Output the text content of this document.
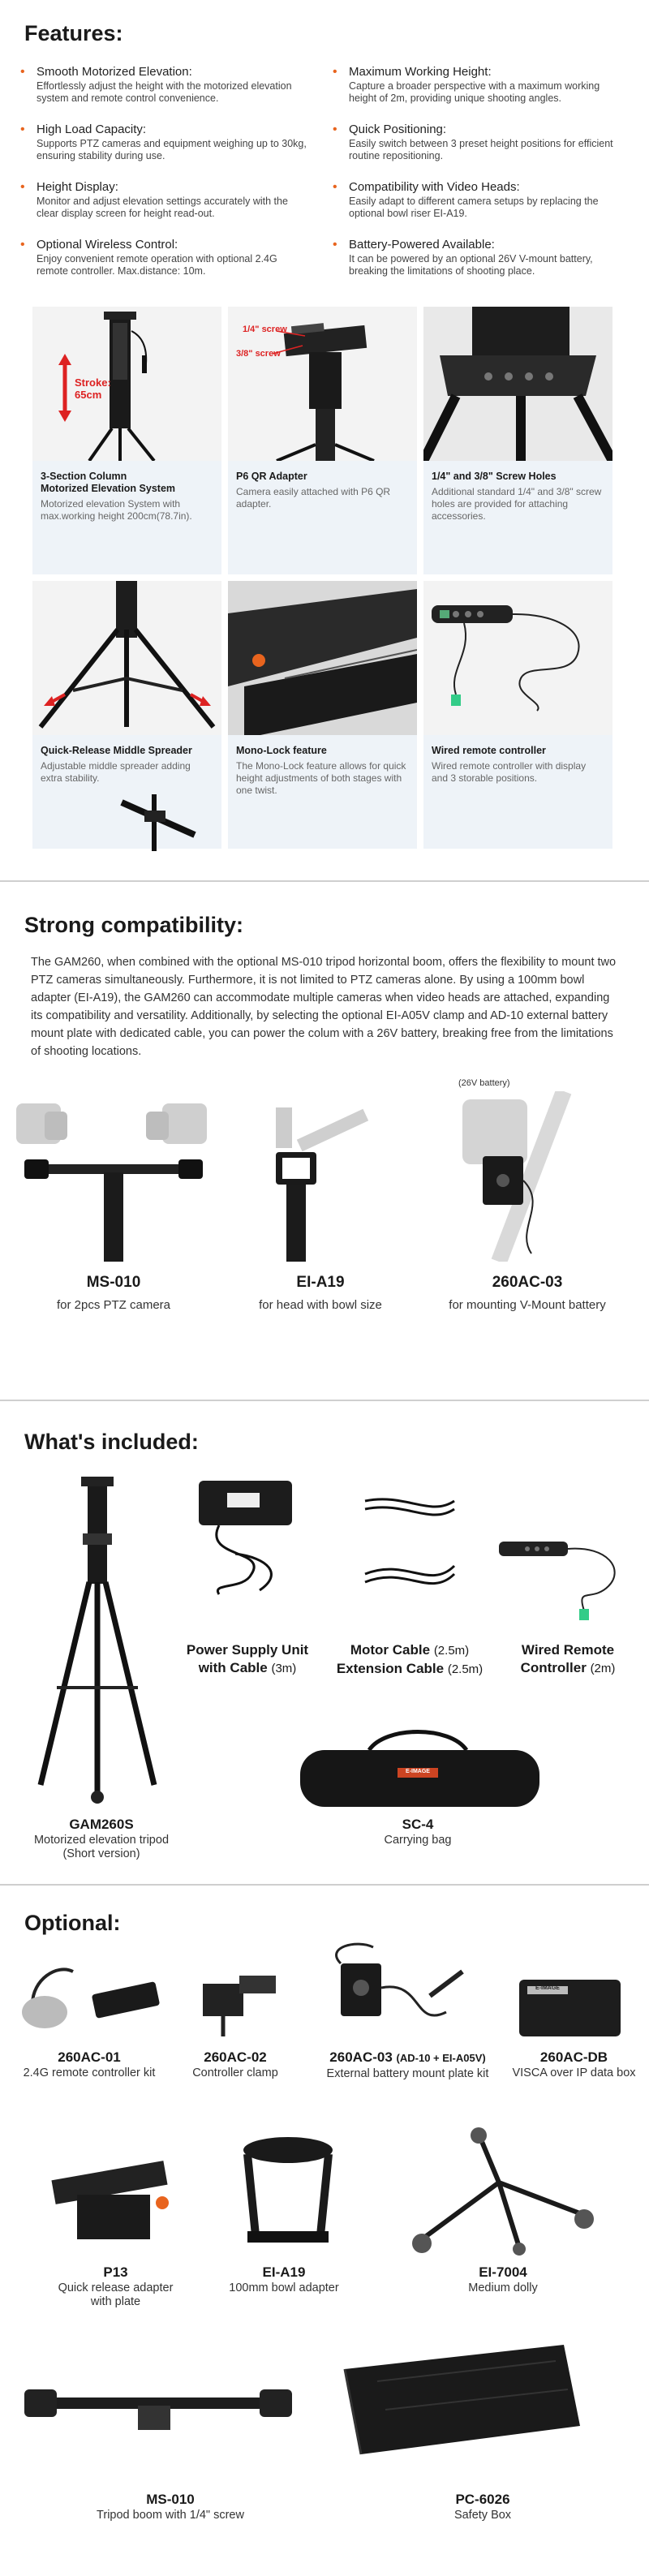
Features:
• Smooth Motorized Elevation:
Effortlessly adjust the height with the motorized elevation system and remote control convenience.
• Maximum Working Height:
Capture a broader perspective with a maximum working height of 2m, providing unique shooting angles.
• High Load Capacity:
Supports PTZ cameras and equipment weighing up to 30kg, ensuring stability during use.
• Quick Positioning:
Easily switch between 3 preset height positions for efficient routine repositioning.
• Height Display:
Monitor and adjust elevation settings accurately with the clear display screen for height read-out.
• Compatibility with Video Heads:
Easily adapt to different camera setups by replacing the optional bowl riser EI-A19.
• Optional Wireless Control:
Enjoy convenient remote operation with optional 2.4G remote controller. Max.distance: 10m.
• Battery-Powered Available:
It can be powered by an optional 26V V-mount battery, breaking the limitations of shooting place.
Stroke:
65cm
3-Section Column
Motorized Elevation System
Motorized elevation System with max.working height 200cm(78.7in).
1/4" screw
3/8" screw
P6 QR Adapter
Camera easily attached with P6 QR adapter.
1/4" and 3/8" Screw Holes
Additional standard 1/4" and 3/8" screw holes are provided for attaching accessories.
Quick-Release Middle Spreader
Adjustable middle spreader adding extra stability.
Mono-Lock feature
The Mono-Lock feature allows for quick height adjustments of both stages with one twist.
Wired remote controller
Wired remote controller with display and 3 storable positions.
Strong compatibility:
The GAM260, when combined with the optional MS-010 tripod horizontal boom, offers the flexibility to mount two PTZ cameras simultaneously. Furthermore, it is not limited to PTZ cameras alone. By using a 100mm bowl adapter (EI-A19), the GAM260 can accommodate multiple cameras when video heads are attached, expanding its compatibility and versatility. Additionally, by selecting the optional EI-A05V clamp and AD-10 external battery mount plate with dedicated cable, you can power the colum with a 26V battery, breaking free from the limitations of shooting locations.
(26V battery)
MS-010
for 2pcs PTZ camera
EI-A19
for head with bowl size
260AC-03
for mounting V-Mount battery
What's included:
Power Supply Unit
with Cable (3m)
Motor Cable (2.5m)
Extension Cable (2.5m)
Wired Remote
Controller (2m)
E-IMAGE
GAM260S
Motorized elevation tripod
(Short version)
SC-4
Carrying bag
Optional:
E-IMAGE
260AC-01
2.4G remote controller kit
260AC-02
Controller clamp
260AC-03 (AD-10 + EI-A05V)
External battery mount plate kit
260AC-DB
VISCA over IP data box
P13
Quick release adapter
with plate
EI-A19
100mm bowl adapter
EI-7004
Medium dolly
MS-010
Tripod boom with 1/4" screw
PC-6026
Safety Box
